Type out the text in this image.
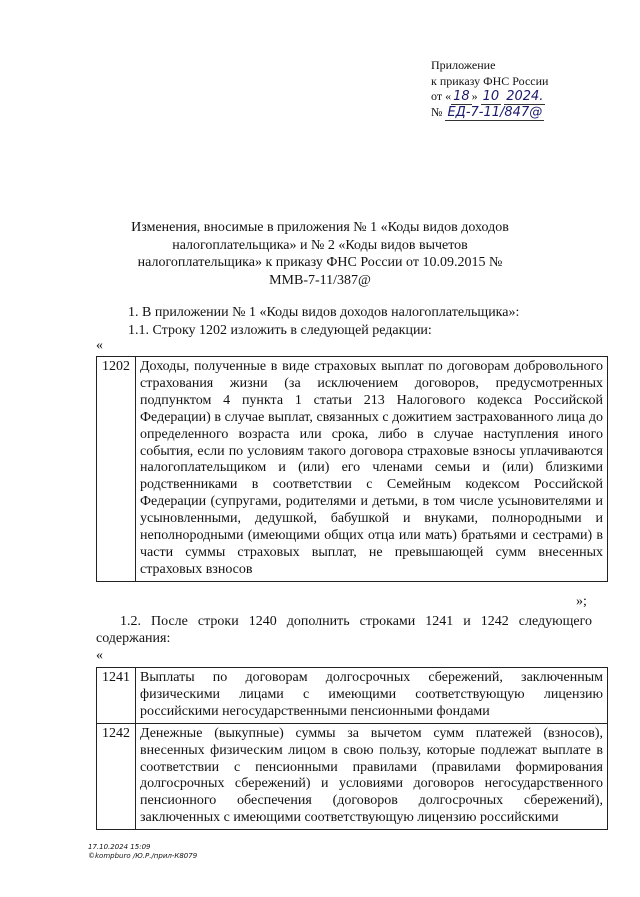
Приложение
к приказу ФНС России
от « 18 » 10 2024.
№ ЕД-7-11/847@
Изменения, вносимые в приложения № 1 «Коды видов доходов налогоплательщика» и № 2 «Коды видов вычетов налогоплательщика» к приказу ФНС России от 10.09.2015 № ММВ-7-11/387@
1. В приложении № 1 «Коды видов доходов налогоплательщика»:
1.1. Строку 1202 изложить в следующей редакции:
«
1202	Доходы, полученные в виде страховых выплат по договорам добровольного страхования жизни (за исключением договоров, предусмотренных подпунктом 4 пункта 1 статьи 213 Налогового кодекса Российской Федерации) в случае выплат, связанных с дожитием застрахованного лица до определенного возраста или срока, либо в случае наступления иного события, если по условиям такого договора страховые взносы уплачиваются налогоплательщиком и (или) его членами семьи и (или) близкими родственниками в соответствии с Семейным кодексом Российской Федерации (супругами, родителями и детьми, в том числе усыновителями и усыновленными, дедушкой, бабушкой и внуками, полнородными и неполнородными (имеющими общих отца или мать) братьями и сестрами) в части суммы страховых выплат, не превышающей сумм внесенных страховых взносов
»;
1.2. После строки 1240 дополнить строками 1241 и 1242 следующего содержания:
«
1241	Выплаты по договорам долгосрочных сбережений, заключенным физическими лицами с имеющими соответствующую лицензию российскими негосударственными пенсионными фондами
1242	Денежные (выкупные) суммы за вычетом сумм платежей (взносов), внесенных физическим лицом в свою пользу, которые подлежат выплате в соответствии с пенсионными правилами (правилами формирования долгосрочных сбережений) и условиями договоров негосударственного пенсионного обеспечения (договоров долгосрочных сбережений), заключенных с имеющими соответствующую лицензию российскими
17.10.2024 15:09
©kompburo /Ю.Р./прил-К8079
